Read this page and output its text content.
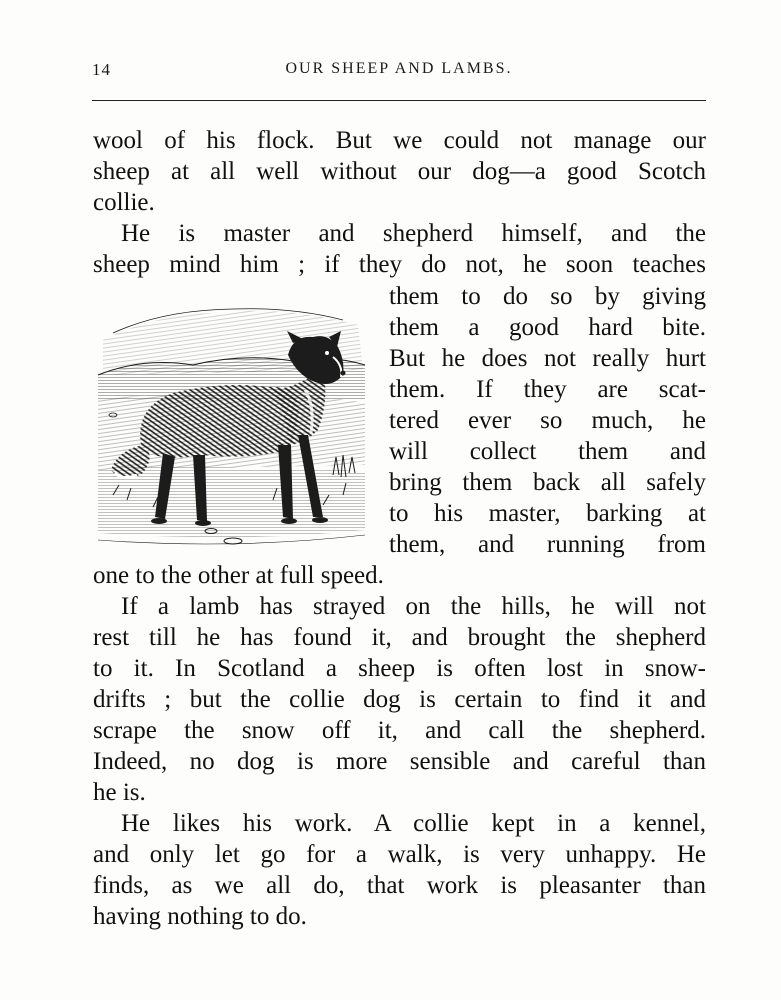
14	OUR SHEEP AND LAMBS.
wool of his flock. But we could not manage our
sheep at all well without our dog—a good Scotch
collie.
He is master and shepherd himself, and the
sheep mind him ; if they do not, he soon teaches
them to do so by giving
them a good hard bite.
But he does not really hurt
them. If they are scat-
tered ever so much, he
will collect them and
bring them back all safely
to his master, barking at
them, and running from
one to the other at full speed.
If a lamb has strayed on the hills, he will not
rest till he has found it, and brought the shepherd
to it. In Scotland a sheep is often lost in snow-
drifts ; but the collie dog is certain to find it and
scrape the snow off it, and call the shepherd.
Indeed, no dog is more sensible and careful than
he is.
He likes his work. A collie kept in a kennel,
and only let go for a walk, is very unhappy. He
finds, as we all do, that work is pleasanter than
having nothing to do.
